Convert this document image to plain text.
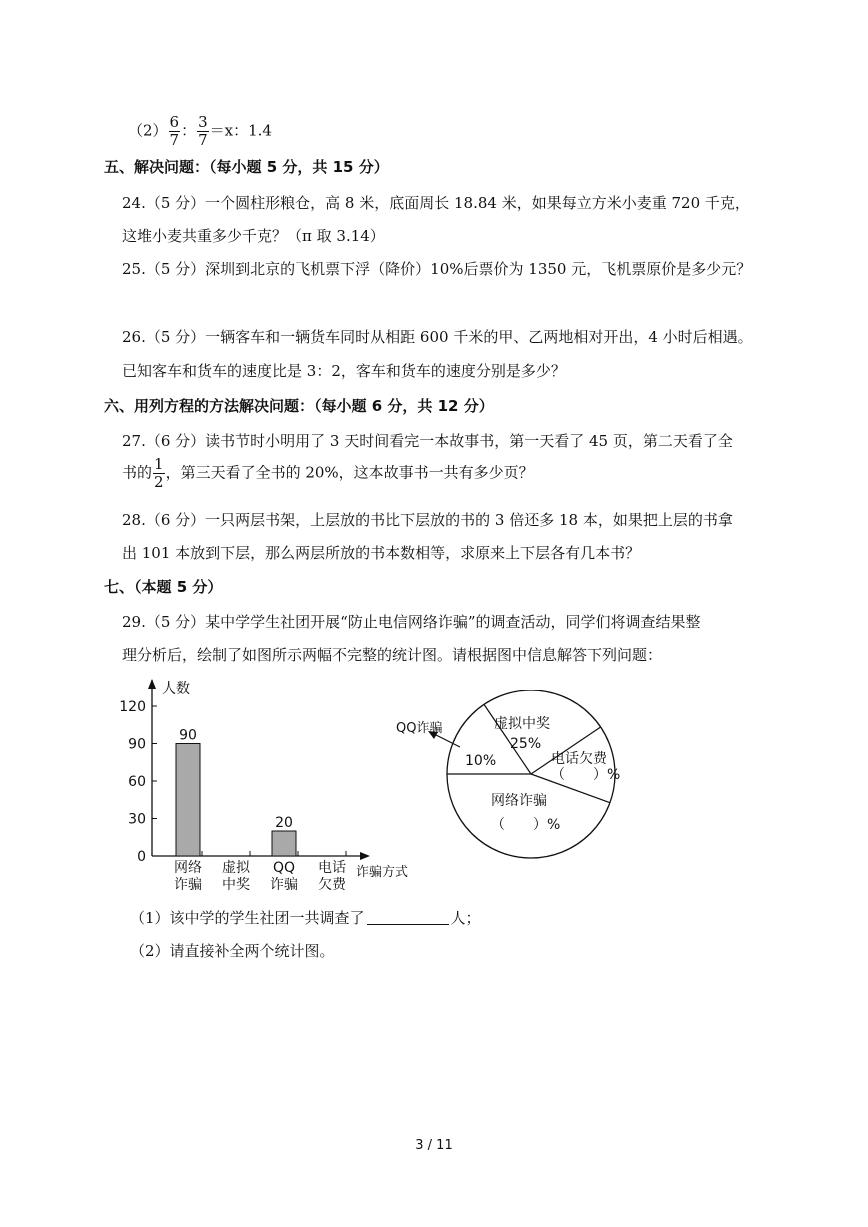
$(2) \frac{6}{7}$ ： $\frac{3}{7} =x$：1.4
五、解决问题：（每小题 5 分，共 15 分）
24.（5 分）一个圆柱形粮仓，高 8 米，底面周长 18.84 米，如果每立方米小麦重 720 千克，
这堆小麦共重多少千克？（π 取 3.14）
25.（5 分）深圳到北京的飞机票下浮（降价）10%后票价为 1350 元，飞机票原价是多少元？
26.（5 分）一辆客车和一辆货车同时从相距 600 千米的甲、乙两地相对开出，4 小时后相遇。
已知客车和货车的速度比是 3：2，客车和货车的速度分别是多少？
六、用列方程的方法解决问题：（每小题 6 分，共 12 分）
27.（6 分）读书节时小明用了 3 天时间看完一本故事书，第一天看了 45 页，第二天看了全
书的 $\frac{1}{2}$ ，第三天看了全书的 20%，这本故事书一共有多少页？
28.（6 分）一只两层书架，上层放的书比下层放的书的 3 倍还多 18 本，如果把上层的书拿
出 101 本放到下层，那么两层所放的书本数相等，求原来上下层各有几本书？
七、（本题 5 分）
29.（5 分）某中学学生社团开展“防止电信网络诈骗”的调查活动，同学们将调查结果整
理分析后，绘制了如图所示两幅不完整的统计图。请根据图中信息解答下列问题：
人数
诈骗方式
120
90
60
30
0
网络
诈骗
90
虚拟
中奖
QQ
诈骗
20
电话
欠费
QQ诈骗
10%
虚拟中奖
25%
电话欠费
（　　）%
网络诈骗
（　　）%
（1）该中学的学生社团一共调查了	人；
（2）请直接补全两个统计图。
3 / 11
